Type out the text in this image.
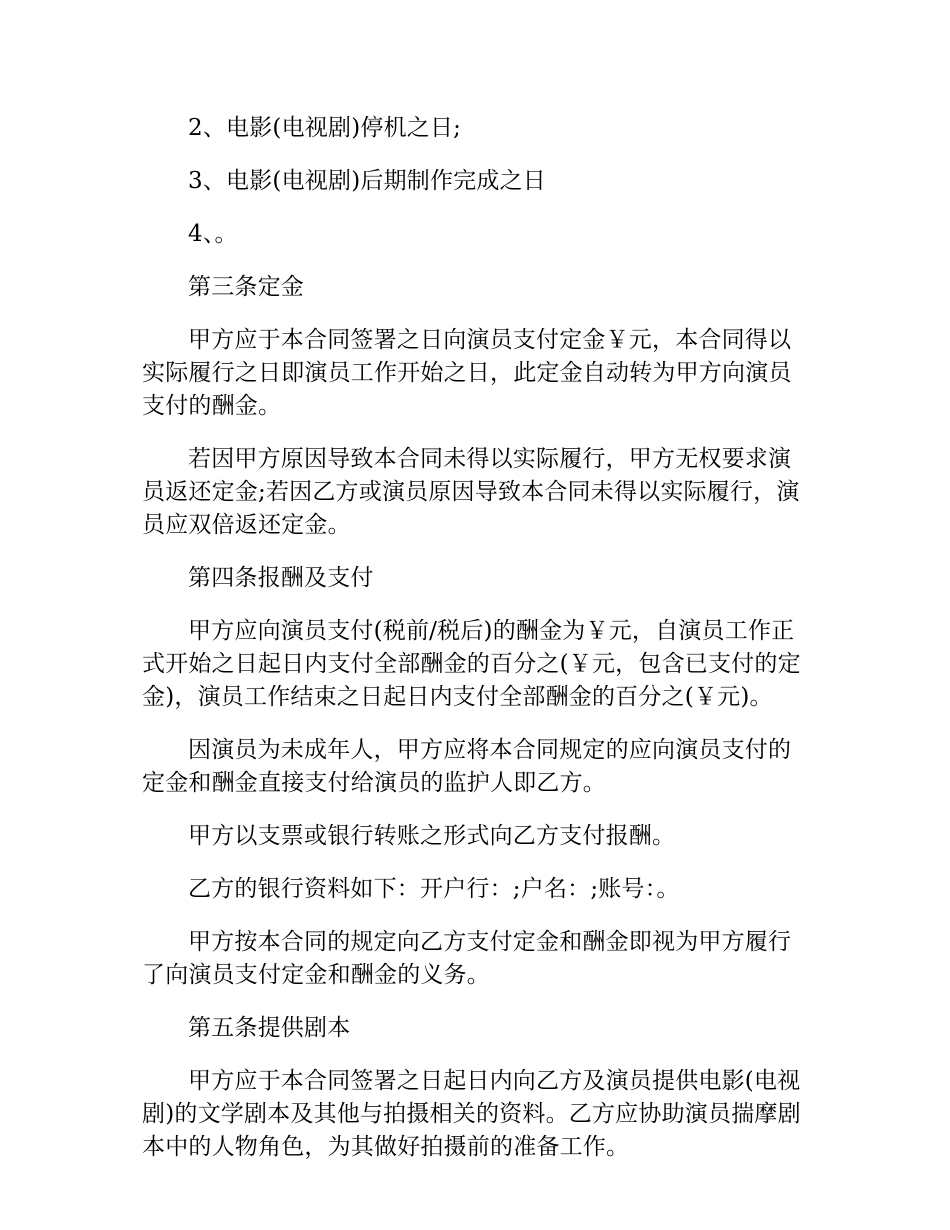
2、电影(电视剧)停机之日;

3、电影(电视剧)后期制作完成之日

4、。

第三条定金

甲方应于本合同签署之日向演员支付定金￥元，本合同得以实际履行之日即演员工作开始之日，此定金自动转为甲方向演员支付的酬金。

若因甲方原因导致本合同未得以实际履行，甲方无权要求演员返还定金;若因乙方或演员原因导致本合同未得以实际履行，演员应双倍返还定金。

第四条报酬及支付

甲方应向演员支付(税前/税后)的酬金为￥元，自演员工作正式开始之日起日内支付全部酬金的百分之(￥元，包含已支付的定金)，演员工作结束之日起日内支付全部酬金的百分之(￥元)。

因演员为未成年人，甲方应将本合同规定的应向演员支付的定金和酬金直接支付给演员的监护人即乙方。

甲方以支票或银行转账之形式向乙方支付报酬。

乙方的银行资料如下：开户行：;户名：;账号：。

甲方按本合同的规定向乙方支付定金和酬金即视为甲方履行了向演员支付定金和酬金的义务。

第五条提供剧本

甲方应于本合同签署之日起日内向乙方及演员提供电影(电视剧)的文学剧本及其他与拍摄相关的资料。乙方应协助演员揣摩剧本中的人物角色，为其做好拍摄前的准备工作。
